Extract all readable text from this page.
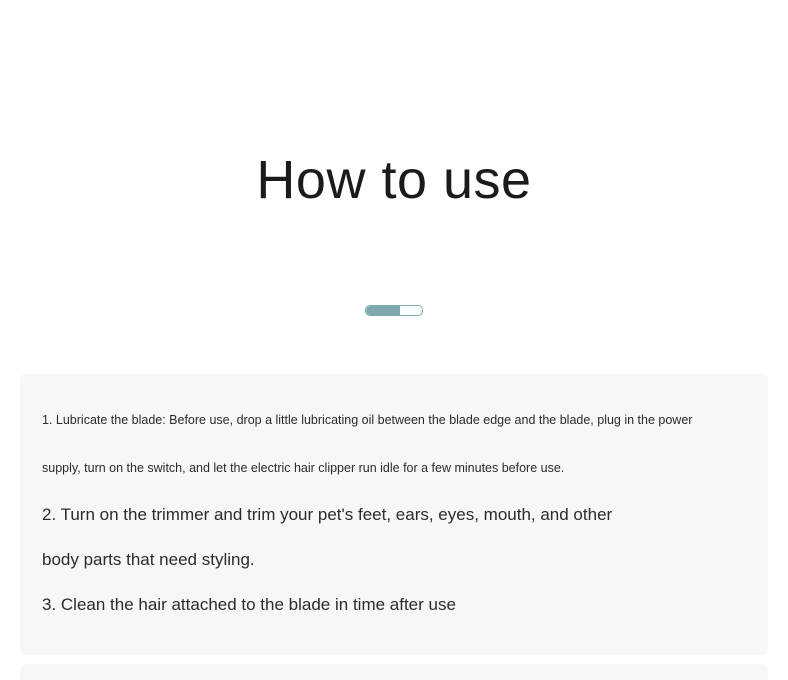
How to use

1. Lubricate the blade: Before use, drop a little lubricating oil between the blade edge and the blade, plug in the power

supply, turn on the switch, and let the electric hair clipper run idle for a few minutes before use.

2. Turn on the trimmer and trim your pet's feet, ears, eyes, mouth, and other

body parts that need styling.

3. Clean the hair attached to the blade in time after use
